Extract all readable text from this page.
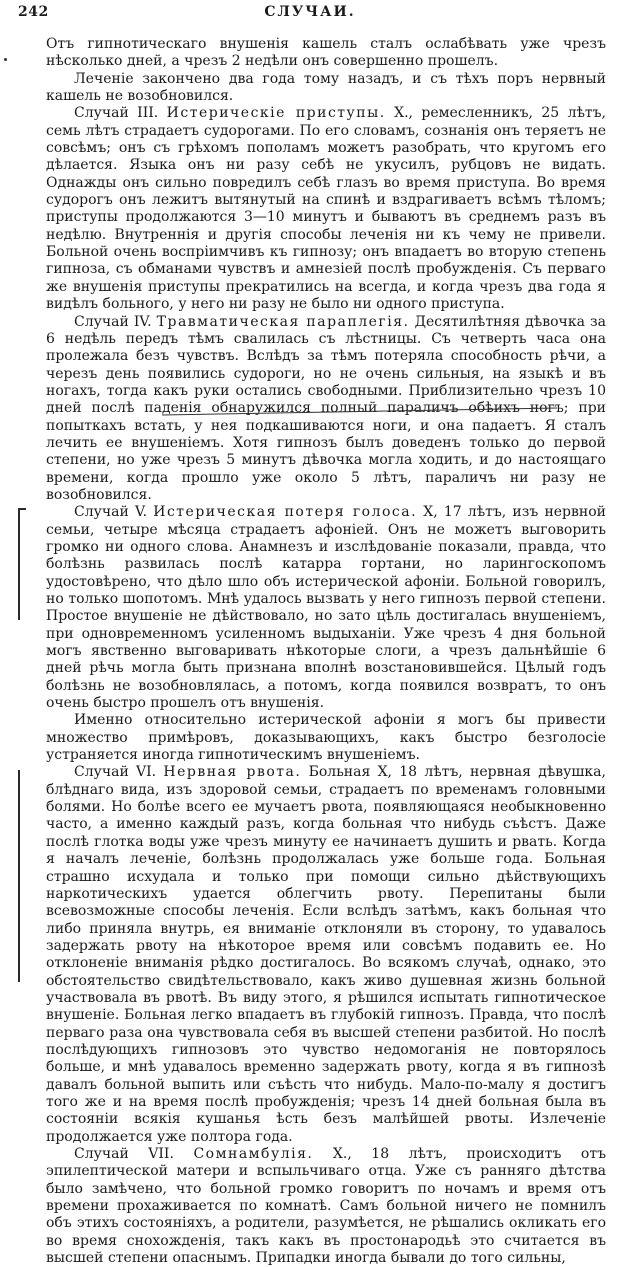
242	СЛУЧАИ.

Отъ гипнотическаго внушенія кашель сталъ ослабѣвать уже чрезъ нѣсколько дней, а чрезъ 2 недѣли онъ совершенно прошелъ.

Леченіе закончено два года тому назадъ, и съ тѣхъ поръ нервный кашель не возобновился.

Случай III. Истерическіе приступы. X., ремесленникъ, 25 лѣтъ, семь лѣтъ страдаетъ судорогами. По его словамъ, сознанія онъ теряетъ не совсѣмъ; онъ съ грѣхомъ пополамъ можетъ разобрать, что кругомъ его дѣлается. Языка онъ ни разу себѣ не укусилъ, рубцовъ не видать. Однажды онъ сильно повредилъ себѣ глазъ во время приступа. Во время судорогъ онъ лежитъ вытянутый на спинѣ и вздрагиваетъ всѣмъ тѣломъ; приступы продолжаются 3—10 минутъ и бываютъ въ среднемъ разъ въ недѣлю. Внутреннія и другія способы леченія ни къ чему не привели. Больной очень воспріимчивъ къ гипнозу; онъ впадаетъ во вторую степень гипноза, съ обманами чувствъ и амнезіей послѣ пробужденія. Съ перваго же внушенія приступы прекратились на всегда, и когда чрезъ два года я видѣлъ больного, у него ни разу не было ни одного приступа.

Случай IV. Травматическая параплегія. Десятилѣтняя дѣвочка за 6 недѣль передъ тѣмъ свалилась съ лѣстницы. Съ четверть часа она пролежала безъ чувствъ. Вслѣдъ за тѣмъ потеряла способность рѣчи, а черезъ день появились судороги, но не очень сильныя, на языкѣ и въ ногахъ, тогда какъ руки остались свободными. Приблизительно чрезъ 10 дней послѣ паденія обнаружился полный параличъ обѣихъ ногъ; при попыткахъ встать, у нея подкашиваются ноги, и она падаетъ. Я сталъ лечить ее внушеніемъ. Хотя гипнозъ былъ доведенъ только до первой степени, но уже чрезъ 5 минутъ дѣвочка могла ходить, и до настоящаго времени, когда прошло уже около 5 лѣтъ, параличъ ни разу не возобновился.

Случай V. Истерическая потеря голоса. X, 17 лѣтъ, изъ нервной семьи, четыре мѣсяца страдаетъ афоніей. Онъ не можетъ выговорить громко ни одного слова. Анамнезъ и изслѣдованіе показали, правда, что болѣзнь развилась послѣ катарра гортани, но ларингоскопомъ удостовѣрено, что дѣло шло объ истерической афоніи. Больной говорилъ, но только шопотомъ. Мнѣ удалось вызвать у него гипнозъ первой степени. Простое внушеніе не дѣйствовало, но зато цѣль достигалась внушеніемъ, при одновременномъ усиленномъ выдыханіи. Уже чрезъ 4 дня больной могъ явственно выговаривать нѣкоторые слоги, а чрезъ дальнѣйшіе 6 дней рѣчь могла быть признана вполнѣ возстановившейся. Цѣлый годъ болѣзнь не возобновлялась, а потомъ, когда появился возвратъ, то онъ очень быстро прошелъ отъ внушенія.

Именно относительно истерической афоніи я могъ бы привести множество примѣровъ, доказывающихъ, какъ быстро безголосіе устраняется иногда гипнотическимъ внушеніемъ.

Случай VI. Нервная рвота. Больная X, 18 лѣтъ, нервная дѣвушка, блѣднаго вида, изъ здоровой семьи, страдаетъ по временамъ головными болями. Но болѣе всего ее мучаетъ рвота, появляющаяся необыкновенно часто, а именно каждый разъ, когда больная что нибудь съѣстъ. Даже послѣ глотка воды уже чрезъ минуту ее начинаетъ душить и рвать. Когда я началъ леченіе, болѣзнь продолжалась уже больше года. Больная страшно исхудала и только при помощи сильно дѣйствующихъ наркотическихъ удается облегчить рвоту. Перепитаны были всевозможные способы леченія. Если вслѣдъ затѣмъ, какъ больная что либо приняла внутрь, ея вниманіе отклоняли въ сторону, то удавалось задержать рвоту на нѣкоторое время или совсѣмъ подавить ее. Но отклоненіе вниманія рѣдко достигалось. Во всякомъ случаѣ, однако, это обстоятельство свидѣтельствовало, какъ живо душевная жизнь больной участвовала въ рвотѣ. Въ виду этого, я рѣшился испытать гипнотическое внушеніе. Больная легко впадаетъ въ глубокій гипнозъ. Правда, что послѣ перваго раза она чувствовала себя въ высшей степени разбитой. Но послѣ послѣдующихъ гипнозовъ это чувство недомоганія не повторялось больше, и мнѣ удавалось временно задержать рвоту, когда я въ гипнозѣ давалъ больной выпить или съѣсть что нибудь. Мало-по-малу я достигъ того же и на время послѣ пробужденія; чрезъ 14 дней больная была въ состояніи всякія кушанья ѣсть безъ малѣйшей рвоты. Излеченіе продолжается уже полтора года.

Случай VII. Сомнамбулія. X., 18 лѣтъ, происходитъ отъ эпилептической матери и вспыльчиваго отца. Уже съ ранняго дѣтства было замѣчено, что больной громко говоритъ по ночамъ и время отъ времени прохаживается по комнатѣ. Самъ больной ничего не помнилъ объ этихъ состояніяхъ, а родители, разумѣется, не рѣшались окликать его во время снохожденія, такъ какъ въ простонародьѣ это считается въ высшей степени опаснымъ. Припадки иногда бывали до того сильны,
